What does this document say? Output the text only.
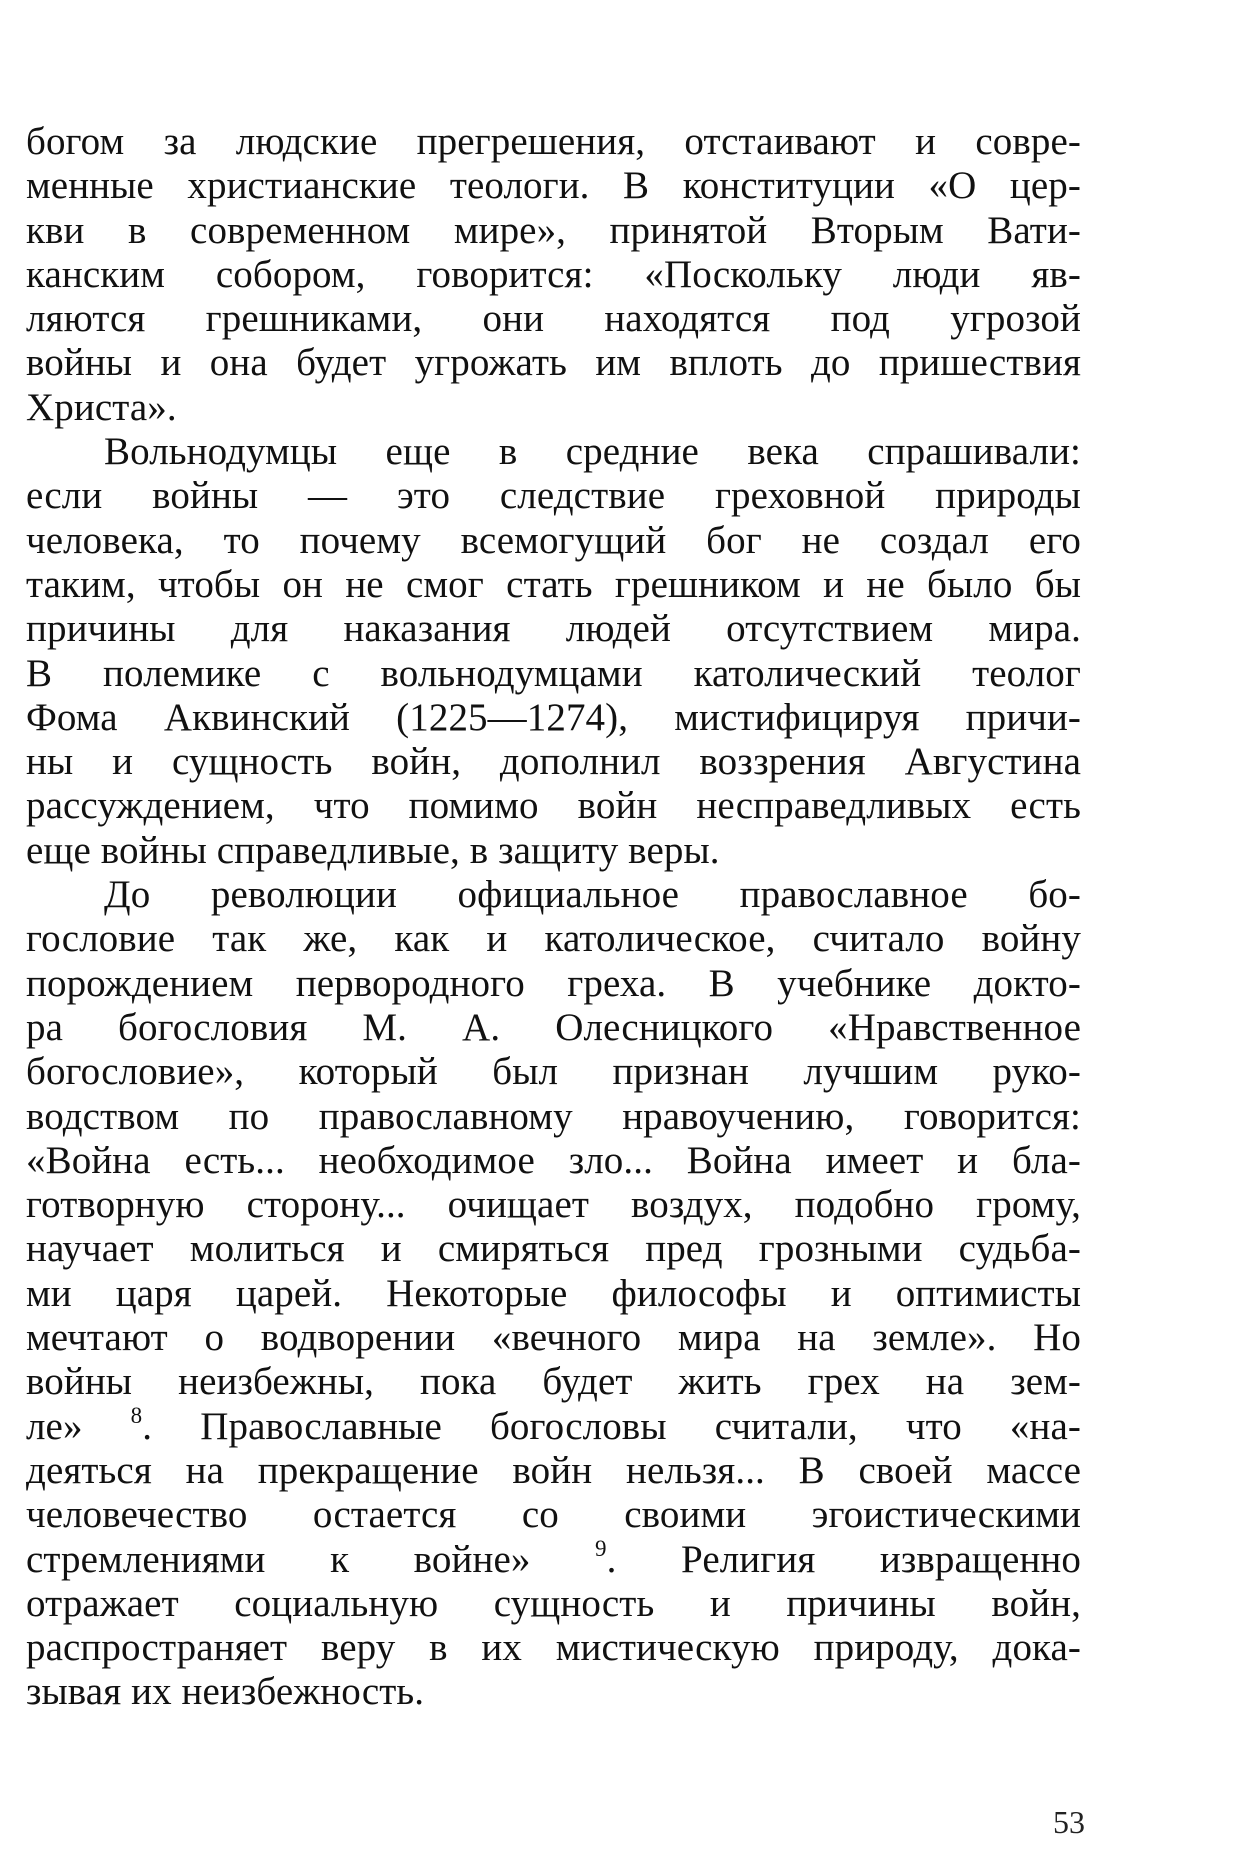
богом за людские прегрешения, отстаивают и совре-
менные христианские теологи. В конституции «О цер-
кви в современном мире», принятой Вторым Вати-
канским собором, говорится: «Поскольку люди яв-
ляются грешниками, они находятся под угрозой
войны и она будет угрожать им вплоть до пришествия
Христа».
Вольнодумцы еще в средние века спрашивали:
если войны — это следствие греховной природы
человека, то почему всемогущий бог не создал его
таким, чтобы он не смог стать грешником и не было бы
причины для наказания людей отсутствием мира.
В полемике с вольнодумцами католический теолог
Фома Аквинский (1225—1274), мистифицируя причи-
ны и сущность войн, дополнил воззрения Августина
рассуждением, что помимо войн несправедливых есть
еще войны справедливые, в защиту веры.
До революции официальное православное бо-
гословие так же, как и католическое, считало войну
порождением первородного греха. В учебнике докто-
ра богословия М. А. Олесницкого «Нравственное
богословие», который был признан лучшим руко-
водством по православному нравоучению, говорится:
«Война есть... необходимое зло... Война имеет и бла-
готворную сторону... очищает воздух, подобно грому,
научает молиться и смиряться пред грозными судьба-
ми царя царей. Некоторые философы и оптимисты
мечтают о водворении «вечного мира на земле». Но
войны неизбежны, пока будет жить грех на зем-
ле» $^8$. Православные богословы считали, что «на-
деяться на прекращение войн нельзя... В своей массе
человечество остается со своими эгоистическими
стремлениями к войне» $^9$. Религия извращенно
отражает социальную сущность и причины войн,
распространяет веру в их мистическую природу, дока-
зывая их неизбежность.
53
